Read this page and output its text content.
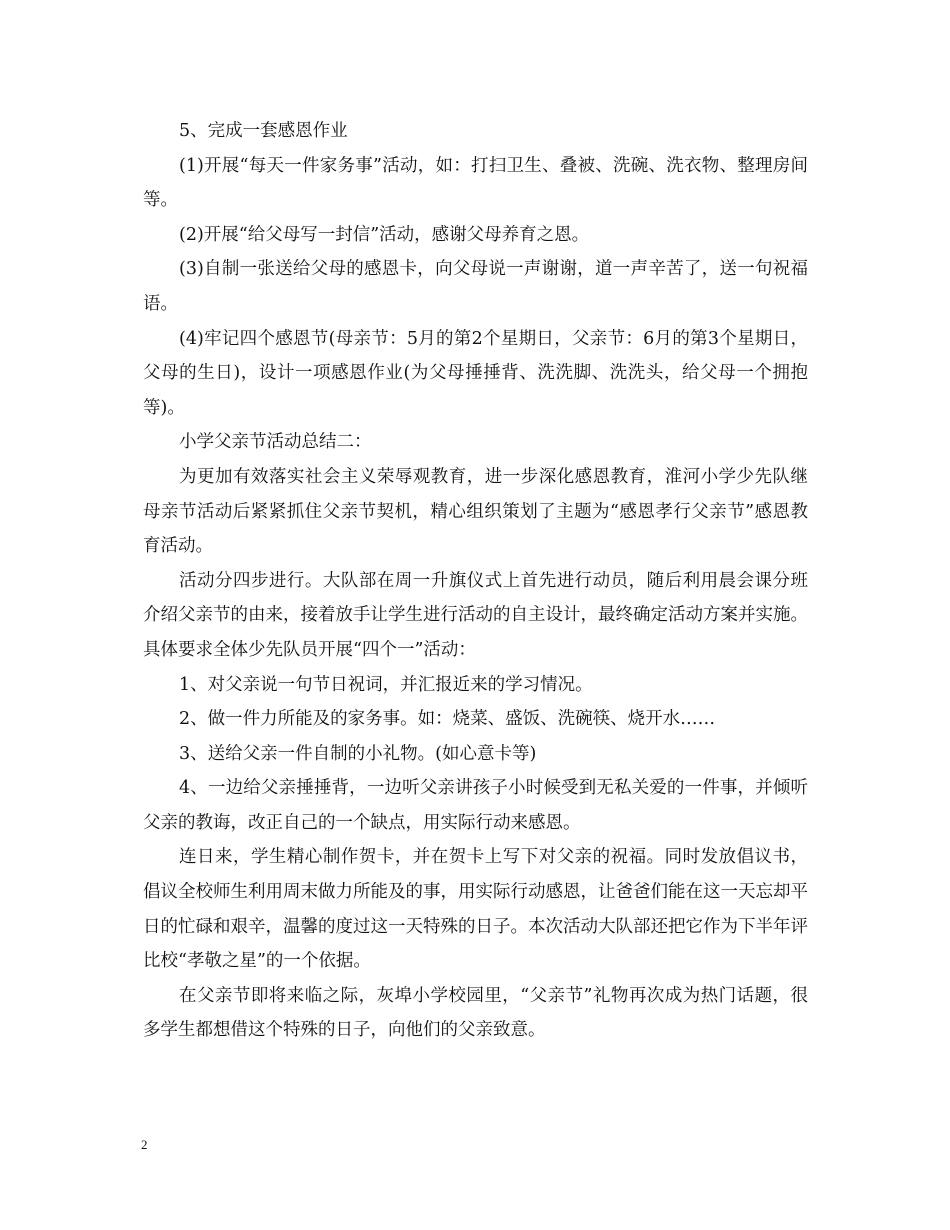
5、完成一套感恩作业

(1)开展“每天一件家务事”活动，如：打扫卫生、叠被、洗碗、洗衣物、整理房间等。

(2)开展“给父母写一封信”活动，感谢父母养育之恩。

(3)自制一张送给父母的感恩卡，向父母说一声谢谢，道一声辛苦了，送一句祝福语。

(4)牢记四个感恩节(母亲节：5月的第2个星期日，父亲节：6月的第3个星期日，父母的生日)，设计一项感恩作业(为父母捶捶背、洗洗脚、洗洗头，给父母一个拥抱等)。

小学父亲节活动总结二：

为更加有效落实社会主义荣辱观教育，进一步深化感恩教育，淮河小学少先队继母亲节活动后紧紧抓住父亲节契机，精心组织策划了主题为“感恩孝行父亲节”感恩教育活动。

活动分四步进行。大队部在周一升旗仪式上首先进行动员，随后利用晨会课分班介绍父亲节的由来，接着放手让学生进行活动的自主设计，最终确定活动方案并实施。具体要求全体少先队员开展“四个一”活动：

1、对父亲说一句节日祝词，并汇报近来的学习情况。

2、做一件力所能及的家务事。如：烧菜、盛饭、洗碗筷、烧开水……

3、送给父亲一件自制的小礼物。(如心意卡等)

4、一边给父亲捶捶背，一边听父亲讲孩子小时候受到无私关爱的一件事，并倾听父亲的教诲，改正自己的一个缺点，用实际行动来感恩。

连日来，学生精心制作贺卡，并在贺卡上写下对父亲的祝福。同时发放倡议书，倡议全校师生利用周末做力所能及的事，用实际行动感恩，让爸爸们能在这一天忘却平日的忙碌和艰辛，温馨的度过这一天特殊的日子。本次活动大队部还把它作为下半年评比校“孝敬之星”的一个依据。

在父亲节即将来临之际，灰埠小学校园里，“父亲节”礼物再次成为热门话题，很多学生都想借这个特殊的日子，向他们的父亲致意。

2
